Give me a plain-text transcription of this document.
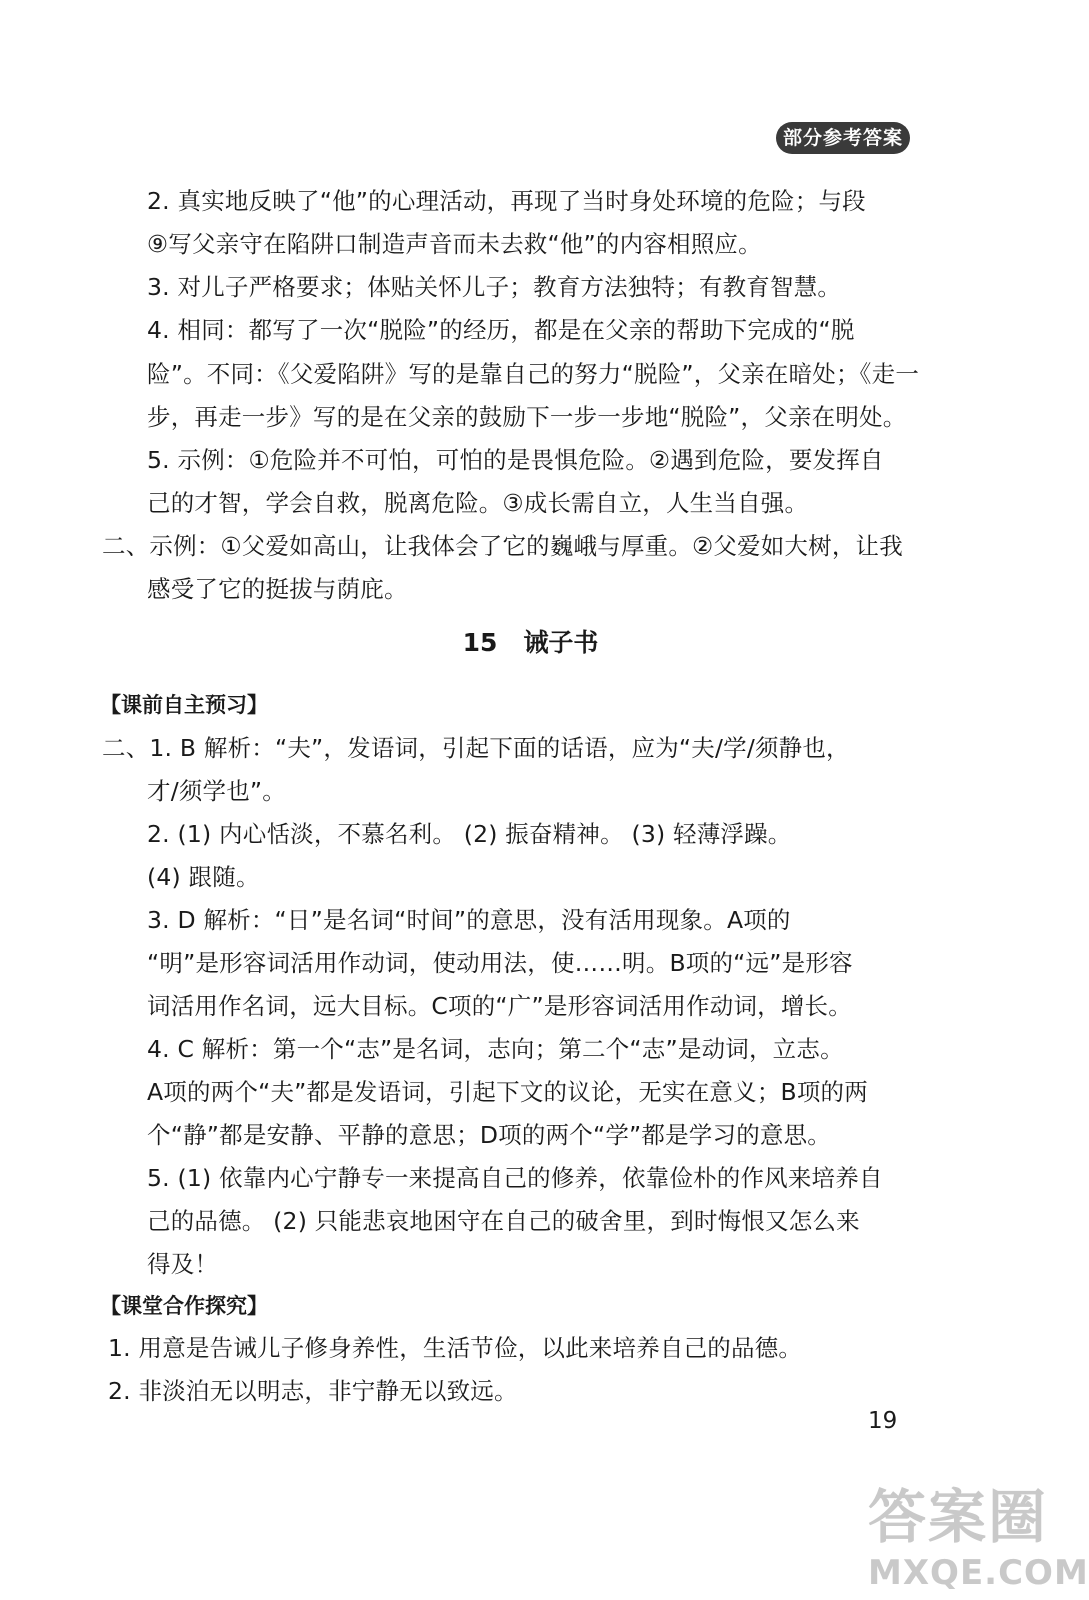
部分参考答案
2. 真实地反映了“他”的心理活动，再现了当时身处环境的危险；与段
⑨写父亲守在陷阱口制造声音而未去救“他”的内容相照应。
3. 对儿子严格要求；体贴关怀儿子；教育方法独特；有教育智慧。
4. 相同：都写了一次“脱险”的经历，都是在父亲的帮助下完成的“脱
险”。不同：《父爱陷阱》写的是靠自己的努力“脱险”，父亲在暗处；《走一
步，再走一步》写的是在父亲的鼓励下一步一步地“脱险”，父亲在明处。
5. 示例：①危险并不可怕，可怕的是畏惧危险。②遇到危险，要发挥自
己的才智，学会自救，脱离危险。③成长需自立，人生当自强。
二、示例：①父爱如高山，让我体会了它的巍峨与厚重。②父爱如大树，让我
感受了它的挺拔与荫庇。
15 诫子书
【课前自主预习】
二、1. B 解析：“夫”，发语词，引起下面的话语，应为“夫/学/须静也，
才/须学也”。
2. (1) 内心恬淡，不慕名利。 (2) 振奋精神。 (3) 轻薄浮躁。
(4) 跟随。
3. D 解析：“日”是名词“时间”的意思，没有活用现象。A项的
“明”是形容词活用作动词，使动用法，使……明。B项的“远”是形容
词活用作名词，远大目标。C项的“广”是形容词活用作动词，增长。
4. C 解析：第一个“志”是名词，志向；第二个“志”是动词，立志。
A项的两个“夫”都是发语词，引起下文的议论，无实在意义；B项的两
个“静”都是安静、平静的意思；D项的两个“学”都是学习的意思。
5. (1) 依靠内心宁静专一来提高自己的修养，依靠俭朴的作风来培养自
己的品德。 (2) 只能悲哀地困守在自己的破舍里，到时悔恨又怎么来
得及！
【课堂合作探究】
1. 用意是告诫儿子修身养性，生活节俭，以此来培养自己的品德。
2. 非淡泊无以明志，非宁静无以致远。
19
答案圈
MXQE.COM
